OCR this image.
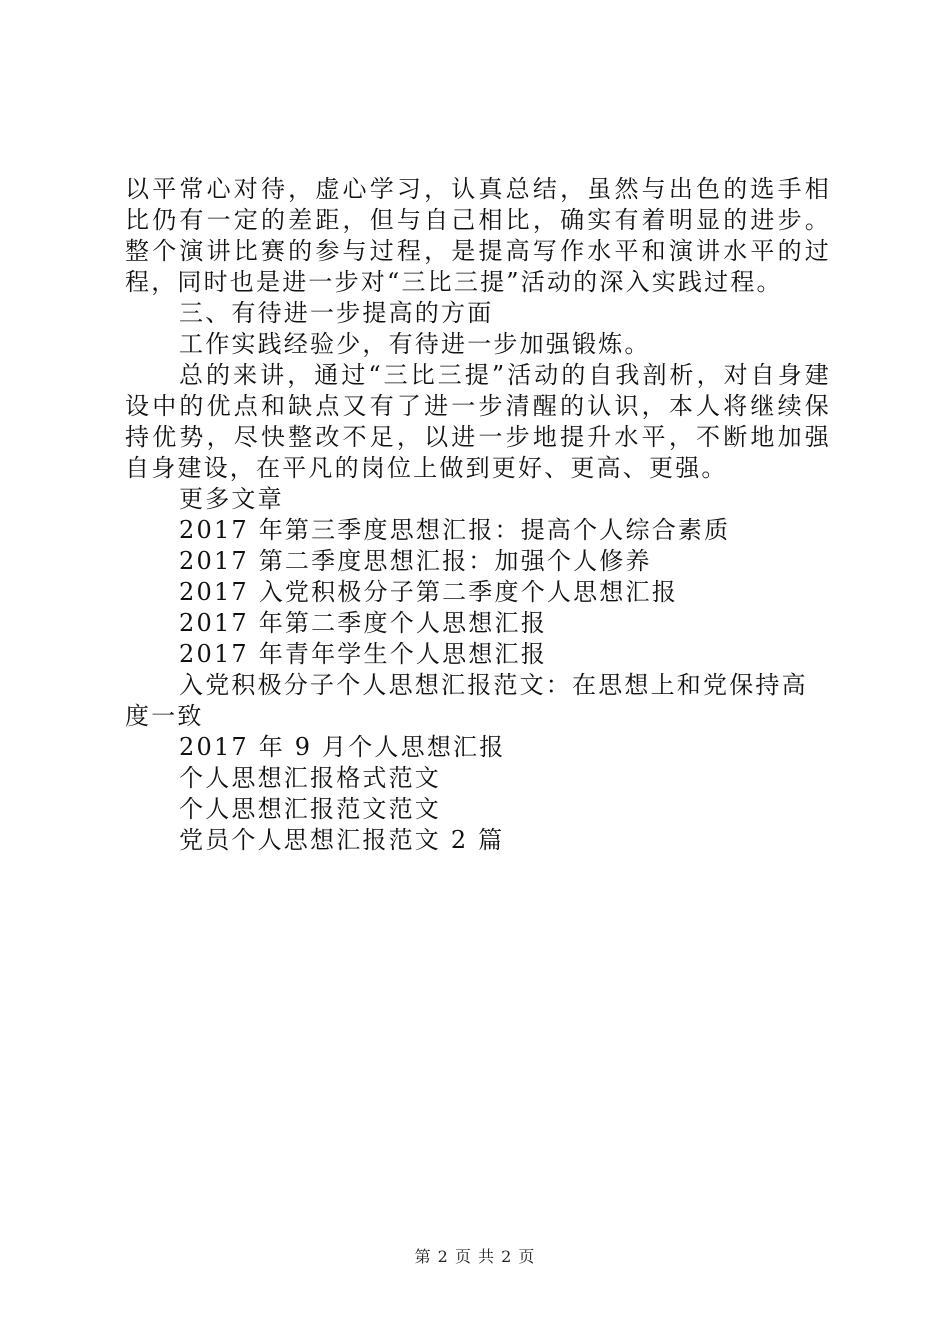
以平常心对待，虚心学习，认真总结，虽然与出色的选手相比仍有一定的差距，但与自己相比，确实有着明显的进步。整个演讲比赛的参与过程，是提高写作水平和演讲水平的过程，同时也是进一步对“三比三提”活动的深入实践过程。

三、有待进一步提高的方面

工作实践经验少，有待进一步加强锻炼。

总的来讲，通过“三比三提”活动的自我剖析，对自身建设中的优点和缺点又有了进一步清醒的认识，本人将继续保持优势，尽快整改不足，以进一步地提升水平，不断地加强自身建设，在平凡的岗位上做到更好、更高、更强。

更多文章

2017 年第三季度思想汇报：提高个人综合素质

2017 第二季度思想汇报：加强个人修养

2017 入党积极分子第二季度个人思想汇报

2017 年第二季度个人思想汇报

2017 年青年学生个人思想汇报

入党积极分子个人思想汇报范文：在思想上和党保持高度一致

2017 年 9 月个人思想汇报

个人思想汇报格式范文

个人思想汇报范文范文

党员个人思想汇报范文 2 篇

第 2 页 共 2 页
